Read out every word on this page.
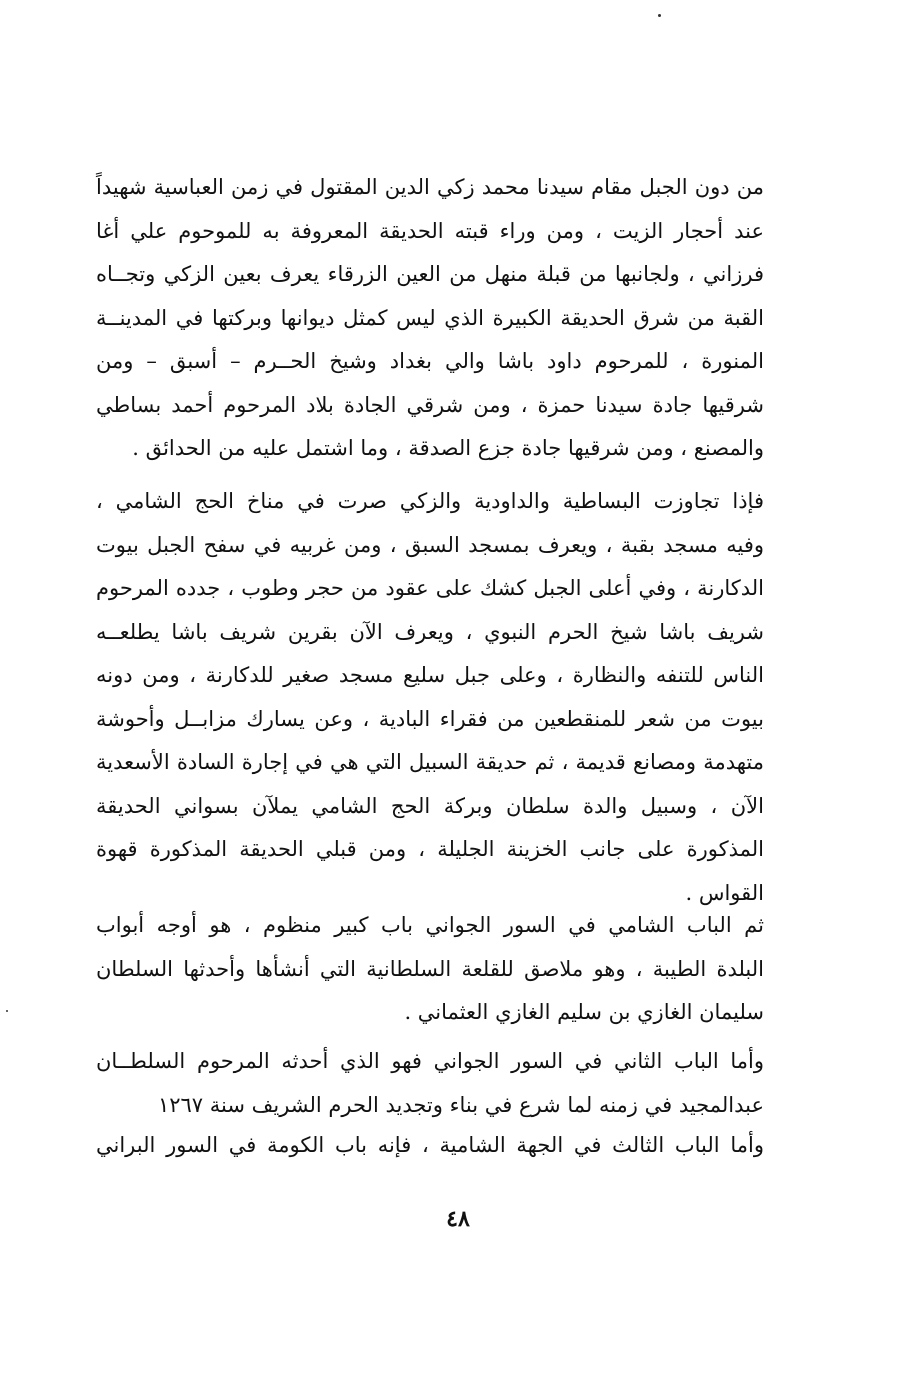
من دون الجبل مقام سيدنا محمد زكي الدين المقتول في زمن العباسية شهيداً
عند أحجار الزيت ، ومن وراء قبته الحديقة المعروفة به للموحوم علي أغا
فرزاني ، ولجانبها من قبلة منهل من العين الزرقاء يعرف بعين الزكي وتجــاه
القبة من شرق الحديقة الكبيرة الذي ليس كمثل ديوانها وبركتها في المدينــة
المنورة ، للمرحوم داود باشا والي بغداد وشيخ الحــرم – أسبق – ومن
شرقيها جادة سيدنا حمزة ، ومن شرقي الجادة بلاد المرحوم أحمد بساطي
والمصنع ، ومن شرقيها جادة جزع الصدقة ، وما اشتمل عليه من الحدائق .
فإذا تجاوزت البساطية والداودية والزكي صرت في مناخ الحج الشامي ،
وفيه مسجد بقبة ، ويعرف بمسجد السبق ، ومن غربيه في سفح الجبل بيوت
الدكارنة ، وفي أعلى الجبل كشك على عقود من حجر وطوب ، جدده المرحوم
شريف باشا شيخ الحرم النبوي ، ويعرف الآن بقرين شريف باشا يطلعــه
الناس للتنفه والنظارة ، وعلى جبل سليع مسجد صغير للدكارنة ، ومن دونه
بيوت من شعر للمنقطعين من فقراء البادية ، وعن يسارك مزابــل وأحوشة
متهدمة ومصانع قديمة ، ثم حديقة السبيل التي هي في إجارة السادة الأسعدية
الآن ، وسبيل والدة سلطان وبركة الحج الشامي يملآن بسواني الحديقة
المذكورة على جانب الخزينة الجليلة ، ومن قبلي الحديقة المذكورة قهوة
القواس .
ثم الباب الشامي في السور الجواني باب كبير منظوم ، هو أوجه أبواب
البلدة الطيبة ، وهو ملاصق للقلعة السلطانية التي أنشأها وأحدثها السلطان
سليمان الغازي بن سليم الغازي العثماني .
وأما الباب الثاني في السور الجواني فهو الذي أحدثه المرحوم السلطــان
عبدالمجيد في زمنه لما شرع في بناء وتجديد الحرم الشريف سنة ١٢٦٧
وأما الباب الثالث في الجهة الشامية ، فإنه باب الكومة في السور البراني
٤٨
